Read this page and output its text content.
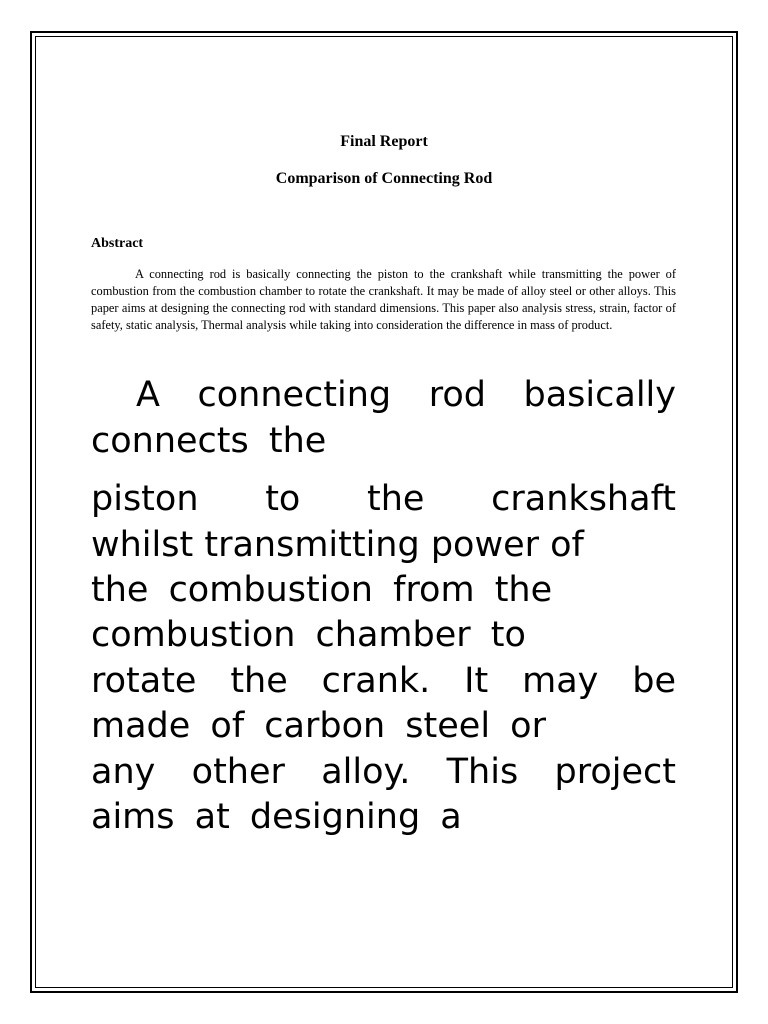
Final Report
Comparison of Connecting Rod
Abstract

A connecting rod is basically connecting the piston to the crankshaft while transmitting the power of combustion from the combustion chamber to rotate the crankshaft. It may be made of alloy steel or other alloys. This paper aims at designing the connecting rod with standard dimensions. This paper also analysis stress, strain, factor of safety, static analysis, Thermal analysis while taking into consideration the difference in mass of product.

A connecting rod basically

connects the

piston to the crankshaft

whilst transmitting power of

the combustion from the

combustion chamber to

rotate the crank. It may be

made of carbon steel or

any other alloy. This project

aims at designing a
